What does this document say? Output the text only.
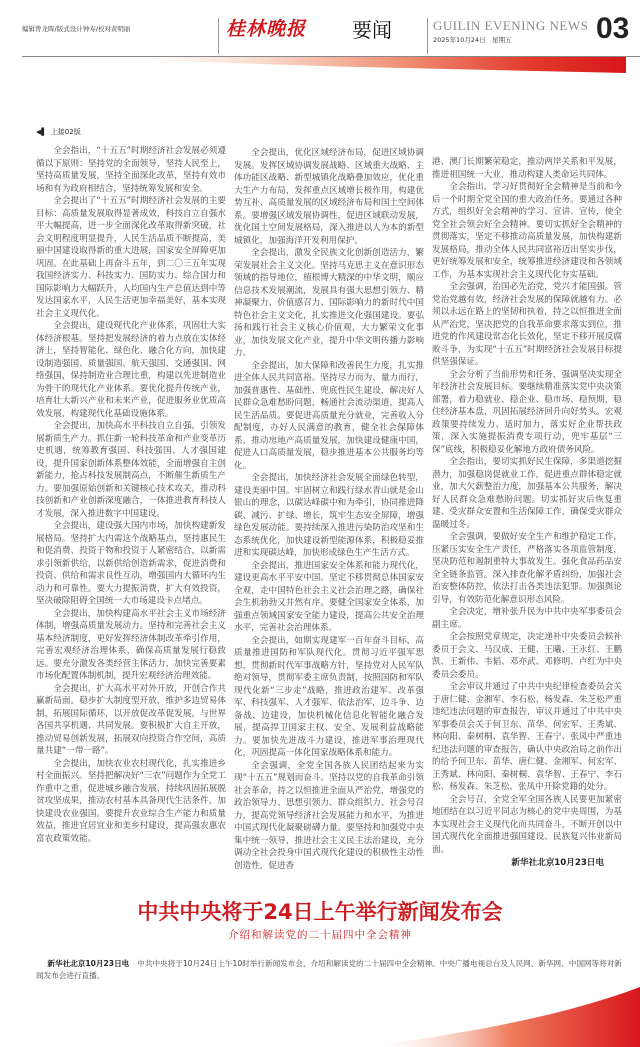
编辑曾龙晖/版式设计钟寿/校对黄明丽	桂林晚报 要闻	GUILIN EVENING NEWS
2025年10月24日　星期五	03
◀▌ 上接02版

全会指出，“十五五”时期经济社会发展必须遵循以下原则：坚持党的全面领导，坚持人民至上，坚持高质量发展，坚持全面深化改革，坚持有效市场和有为政府相结合，坚持统筹发展和安全。

全会提出了“十五五”时期经济社会发展的主要目标：高质量发展取得显著成效，科技自立自强水平大幅提高，进一步全面深化改革取得新突破，社会文明程度明显提升，人民生活品质不断提高，美丽中国建设取得新的重大进展，国家安全屏障更加巩固。在此基础上再奋斗五年，到二〇三五年实现我国经济实力、科技实力、国防实力、综合国力和国际影响力大幅跃升，人均国内生产总值达到中等发达国家水平，人民生活更加幸福美好，基本实现社会主义现代化。

全会提出，建设现代化产业体系，巩固壮大实体经济根基。坚持把发展经济的着力点放在实体经济上，坚持智能化、绿色化、融合化方向，加快建设制造强国、质量强国、航天强国、交通强国、网络强国，保持制造业合理比重，构建以先进制造业为骨干的现代化产业体系。要优化提升传统产业，培育壮大新兴产业和未来产业，促进服务业优质高效发展，构建现代化基础设施体系。

全会提出，加快高水平科技自立自强，引领发展新质生产力。抓住新一轮科技革命和产业变革历史机遇，统筹教育强国、科技强国、人才强国建设，提升国家创新体系整体效能，全面增强自主创新能力，抢占科技发展制高点，不断催生新质生产力。要加强原始创新和关键核心技术攻关，推动科技创新和产业创新深度融合，一体推进教育科技人才发展，深入推进数字中国建设。

全会提出，建设强大国内市场，加快构建新发展格局。坚持扩大内需这个战略基点，坚持惠民生和促消费、投资于物和投资于人紧密结合，以新需求引领新供给，以新供给创造新需求，促进消费和投资、供给和需求良性互动，增强国内大循环内生动力和可靠性。要大力提振消费，扩大有效投资，坚决破除阻碍全国统一大市场建设卡点堵点。

全会提出，加快构建高水平社会主义市场经济体制，增强高质量发展动力。坚持和完善社会主义基本经济制度，更好发挥经济体制改革牵引作用，完善宏观经济治理体系，确保高质量发展行稳致远。要充分激发各类经营主体活力，加快完善要素市场化配置体制机制，提升宏观经济治理效能。

全会提出，扩大高水平对外开放，开创合作共赢新局面。稳步扩大制度型开放，维护多边贸易体制，拓展国际循环，以开放促改革促发展，与世界各国共享机遇、共同发展。要积极扩大自主开放，推动贸易创新发展，拓展双向投资合作空间，高质量共建“一带一路”。

全会提出，加快农业农村现代化，扎实推进乡村全面振兴。坚持把解决好“三农”问题作为全党工作重中之重，促进城乡融合发展，持续巩固拓展脱贫攻坚成果，推动农村基本具备现代生活条件，加快建设农业强国。要提升农业综合生产能力和质量效益，推进宜居宜业和美乡村建设，提高强农惠农富农政策效能。

全会提出，优化区域经济布局，促进区域协调发展。发挥区域协调发展战略、区域重大战略、主体功能区战略、新型城镇化战略叠加效应，优化重大生产力布局，发挥重点区域增长极作用，构建优势互补、高质量发展的区域经济布局和国土空间体系。要增强区域发展协调性，促进区域联动发展，优化国土空间发展格局，深入推进以人为本的新型城镇化，加强海洋开发利用保护。

全会提出，激发全民族文化创新创造活力，繁荣发展社会主义文化。坚持马克思主义在意识形态领域的指导地位，植根博大精深的中华文明，顺应信息技术发展潮流，发展具有强大思想引领力、精神凝聚力、价值感召力、国际影响力的新时代中国特色社会主义文化，扎实推进文化强国建设。要弘扬和践行社会主义核心价值观，大力繁荣文化事业，加快发展文化产业，提升中华文明传播力影响力。

全会提出，加大保障和改善民生力度，扎实推进全体人民共同富裕。坚持尽力而为、量力而行，加强普惠性、基础性、兜底性民生建设，解决好人民群众急难愁盼问题，畅通社会流动渠道，提高人民生活品质。要促进高质量充分就业，完善收入分配制度，办好人民满意的教育，健全社会保障体系，推动房地产高质量发展，加快建设健康中国，促进人口高质量发展，稳步推进基本公共服务均等化。

全会提出，加快经济社会发展全面绿色转型，建设美丽中国。牢固树立和践行绿水青山就是金山银山的理念，以碳达峰碳中和为牵引，协同推进降碳、减污、扩绿、增长，筑牢生态安全屏障，增强绿色发展动能。要持续深入推进污染防治攻坚和生态系统优化，加快建设新型能源体系，积极稳妥推进和实现碳达峰，加快形成绿色生产生活方式。

全会提出，推进国家安全体系和能力现代化，建设更高水平平安中国。坚定不移贯彻总体国家安全观，走中国特色社会主义社会治理之路，确保社会生机勃勃又井然有序。要健全国家安全体系，加强重点领域国家安全能力建设，提高公共安全治理水平，完善社会治理体系。

全会提出，如期实现建军一百年奋斗目标，高质量推进国防和军队现代化。贯彻习近平强军思想，贯彻新时代军事战略方针，坚持党对人民军队绝对领导，贯彻军委主席负责制，按照国防和军队现代化新“三步走”战略，推进政治建军、改革强军、科技强军、人才强军、依法治军，边斗争、边备战、边建设，加快机械化信息化智能化融合发展，提高捍卫国家主权、安全、发展利益战略能力。要加快先进战斗力建设，推进军事治理现代化，巩固提高一体化国家战略体系和能力。

全会强调，全党全国各族人民团结起来为实现“十五五”规划而奋斗。坚持以党的自我革命引领社会革命，持之以恒推进全面从严治党，增强党的政治领导力、思想引领力、群众组织力、社会号召力，提高党领导经济社会发展能力和水平，为推进中国式现代化凝聚磅礴力量。要坚持和加强党中央集中统一领导，推进社会主义民主法治建设，充分调动全社会投身中国式现代化建设的积极性主动性创造性，促进香

港、澳门长期繁荣稳定，推动两岸关系和平发展，推进祖国统一大业，推动构建人类命运共同体。

全会指出，学习好贯彻好全会精神是当前和今后一个时期全党全国的重大政治任务。要通过各种方式，组织好全会精神的学习、宣讲、宣传，使全党全社会领会好全会精神。要切实抓好全会精神的贯彻落实，坚定不移推动高质量发展，加快构建新发展格局，推动全体人民共同富裕迈出坚实步伐，更好统筹发展和安全，统筹推进经济建设和各领域工作，为基本实现社会主义现代化夯实基础。

全会强调，治国必先治党，党兴才能国强。管党治党越有效，经济社会发展的保障就越有力。必须以永远在路上的坚韧和执着，持之以恒推进全面从严治党，坚决把党的自我革命要求落实到位，推进党的作风建设常态化长效化，坚定不移开展反腐败斗争，为实现“十五五”时期经济社会发展目标提供坚强保证。

全会分析了当前形势和任务，强调坚决实现全年经济社会发展目标。要继续精准落实党中央决策部署，着力稳就业、稳企业、稳市场、稳预期，稳住经济基本盘，巩固拓展经济回升向好势头。宏观政策要持续发力、适时加力，落实好企业帮扶政策，深入实施提振消费专项行动，兜牢基层“三保”底线，积极稳妥化解地方政府债务风险。

全会指出，要切实抓好民生保障，多渠道挖掘潜力，加强稳岗促就业工作，促进重点群体稳定就业，加大欠薪整治力度，加强基本公共服务，解决好人民群众急难愁盼问题。切实抓好灾后恢复重建、受灾群众安置和生活保障工作，确保受灾群众温暖过冬。

全会强调，要做好安全生产和维护稳定工作，压紧压实安全生产责任，严格落实各项监管制度，坚决防范和遏制重特大事故发生。强化食品药品安全全链条监管。深入排查化解矛盾纠纷，加强社会治安整体防控，依法打击各类违法犯罪。加强舆论引导，有效防范化解意识形态风险。

全会决定，增补张升民为中共中央军事委员会副主席。

全会按照党章规定，决定递补中央委员会候补委员于会文、马汉成、王健、王曦、王永红、王鹏凯、王新伟、韦韬、邓亦武、邓修明、卢红为中央委员会委员。

全会审议并通过了中共中央纪律检查委员会关于唐仁健、金湘军、李石松、杨发森、朱芝松严重违纪违法问题的审查报告，审议并通过了中共中央军事委员会关于何卫东、苗华、何宏军、王秀斌、林向阳、秦树桐、袁华智、王春宁、张凤中严重违纪违法问题的审查报告，确认中央政治局之前作出的给予何卫东、苗华、唐仁健、金湘军、何宏军、王秀斌、林向阳、秦树桐、袁华智、王春宁、李石松、杨发森、朱芝松、张凤中开除党籍的处分。

全会号召，全党全军全国各族人民要更加紧密地团结在以习近平同志为核心的党中央周围，为基本实现社会主义现代化而共同奋斗，不断开创以中国式现代化全面推进强国建设、民族复兴伟业新局面。

新华社北京10月23日电
中共中央将于24日上午举行新闻发布会
介绍和解读党的二十届四中全会精神
新华社北京10月23日电 中共中央将于10月24日上午10时举行新闻发布会，介绍和解读党的二十届四中全会精神。中央广播电视总台及人民网、新华网、中国网等将对新闻发布会进行直播。
